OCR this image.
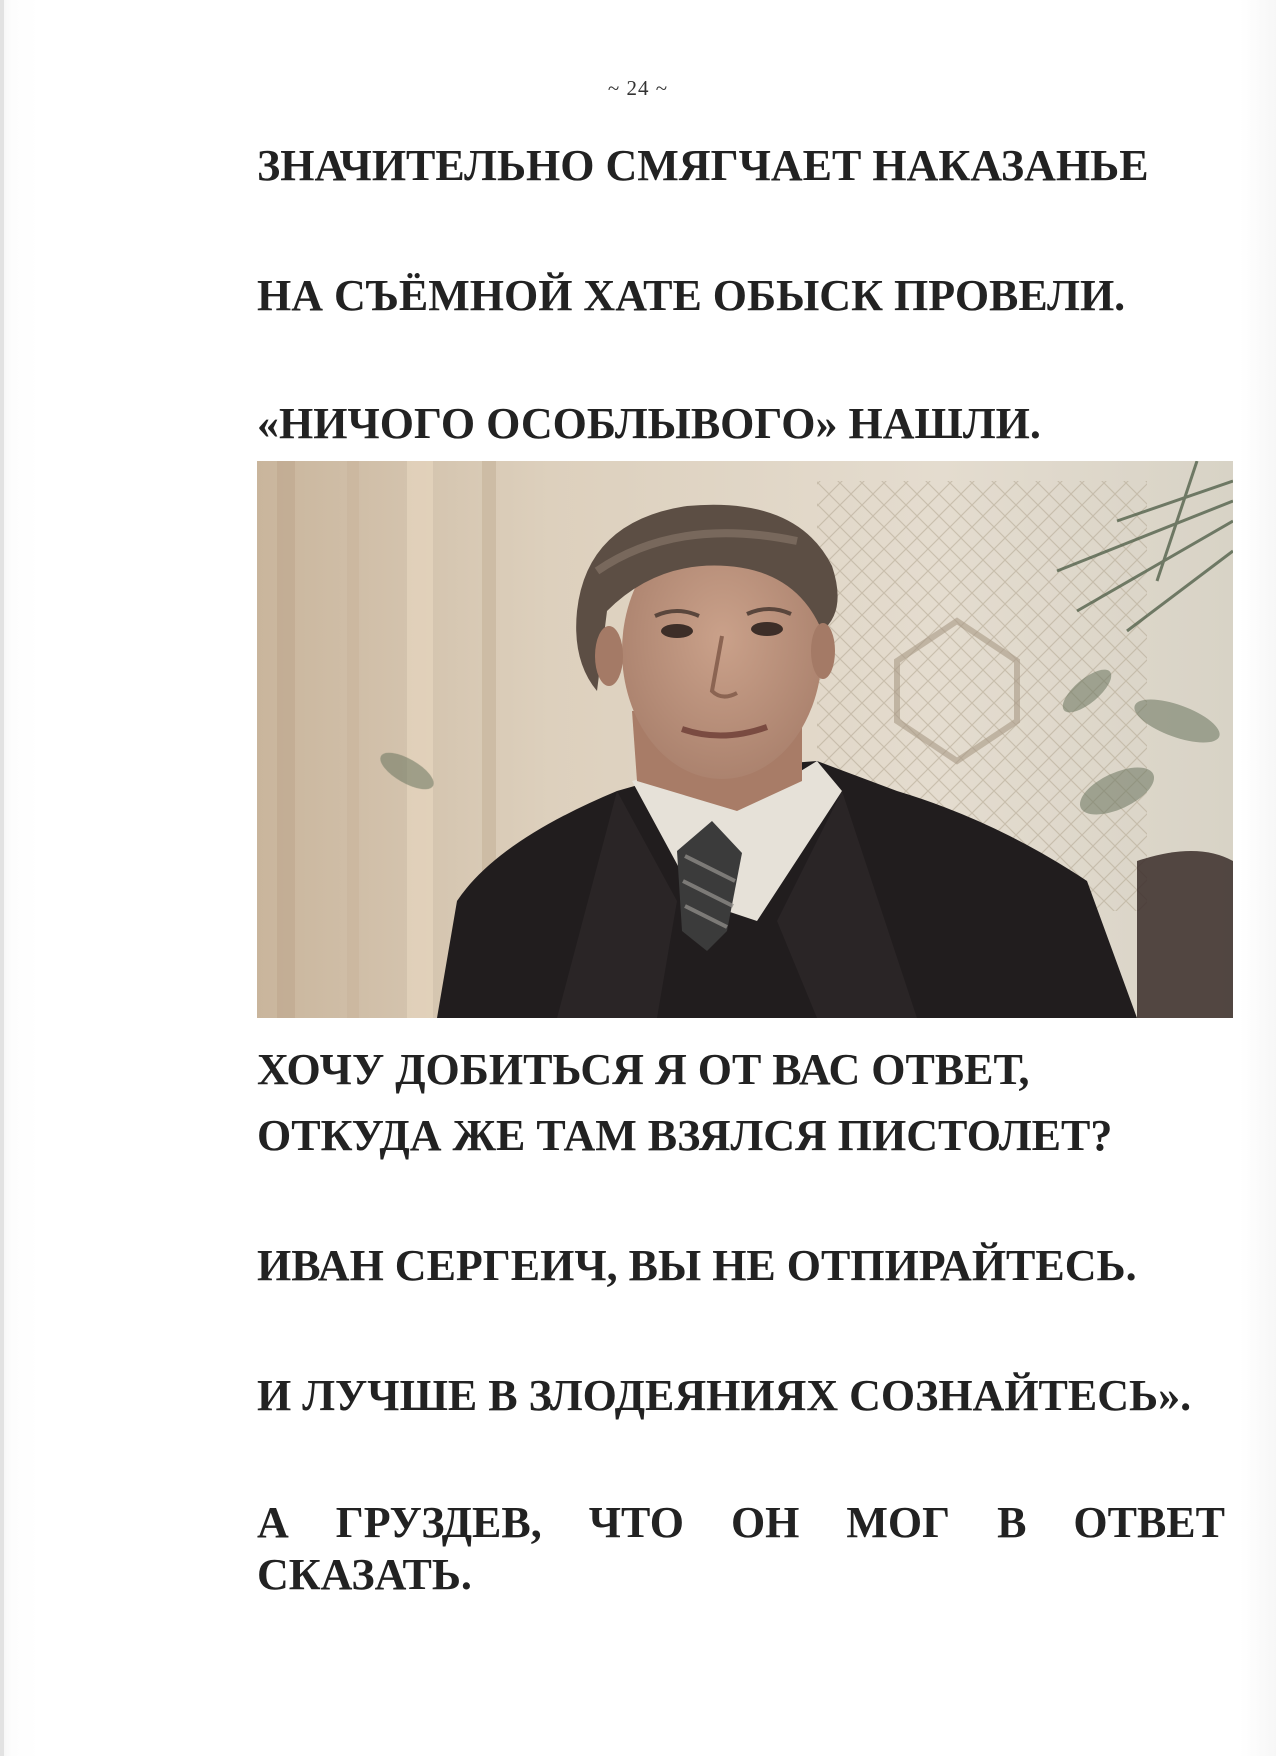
~ 24 ~

ЗНАЧИТЕЛЬНО СМЯГЧАЕТ НАКАЗАНЬЕ

НА СЪЁМНОЙ ХАТЕ ОБЫСК ПРОВЕЛИ.

«НИЧОГО ОСОБЛЫВОГО» НАШЛИ.

ХОЧУ ДОБИТЬСЯ Я ОТ ВАС ОТВЕТ,

ОТКУДА ЖЕ ТАМ ВЗЯЛСЯ ПИСТОЛЕТ?

ИВАН СЕРГЕИЧ, ВЫ НЕ ОТПИРАЙТЕСЬ.

И ЛУЧШЕ В ЗЛОДЕЯНИЯХ СОЗНАЙТЕСЬ».

А ГРУЗДЕВ, ЧТО ОН МОГ В ОТВЕТ СКАЗАТЬ.
